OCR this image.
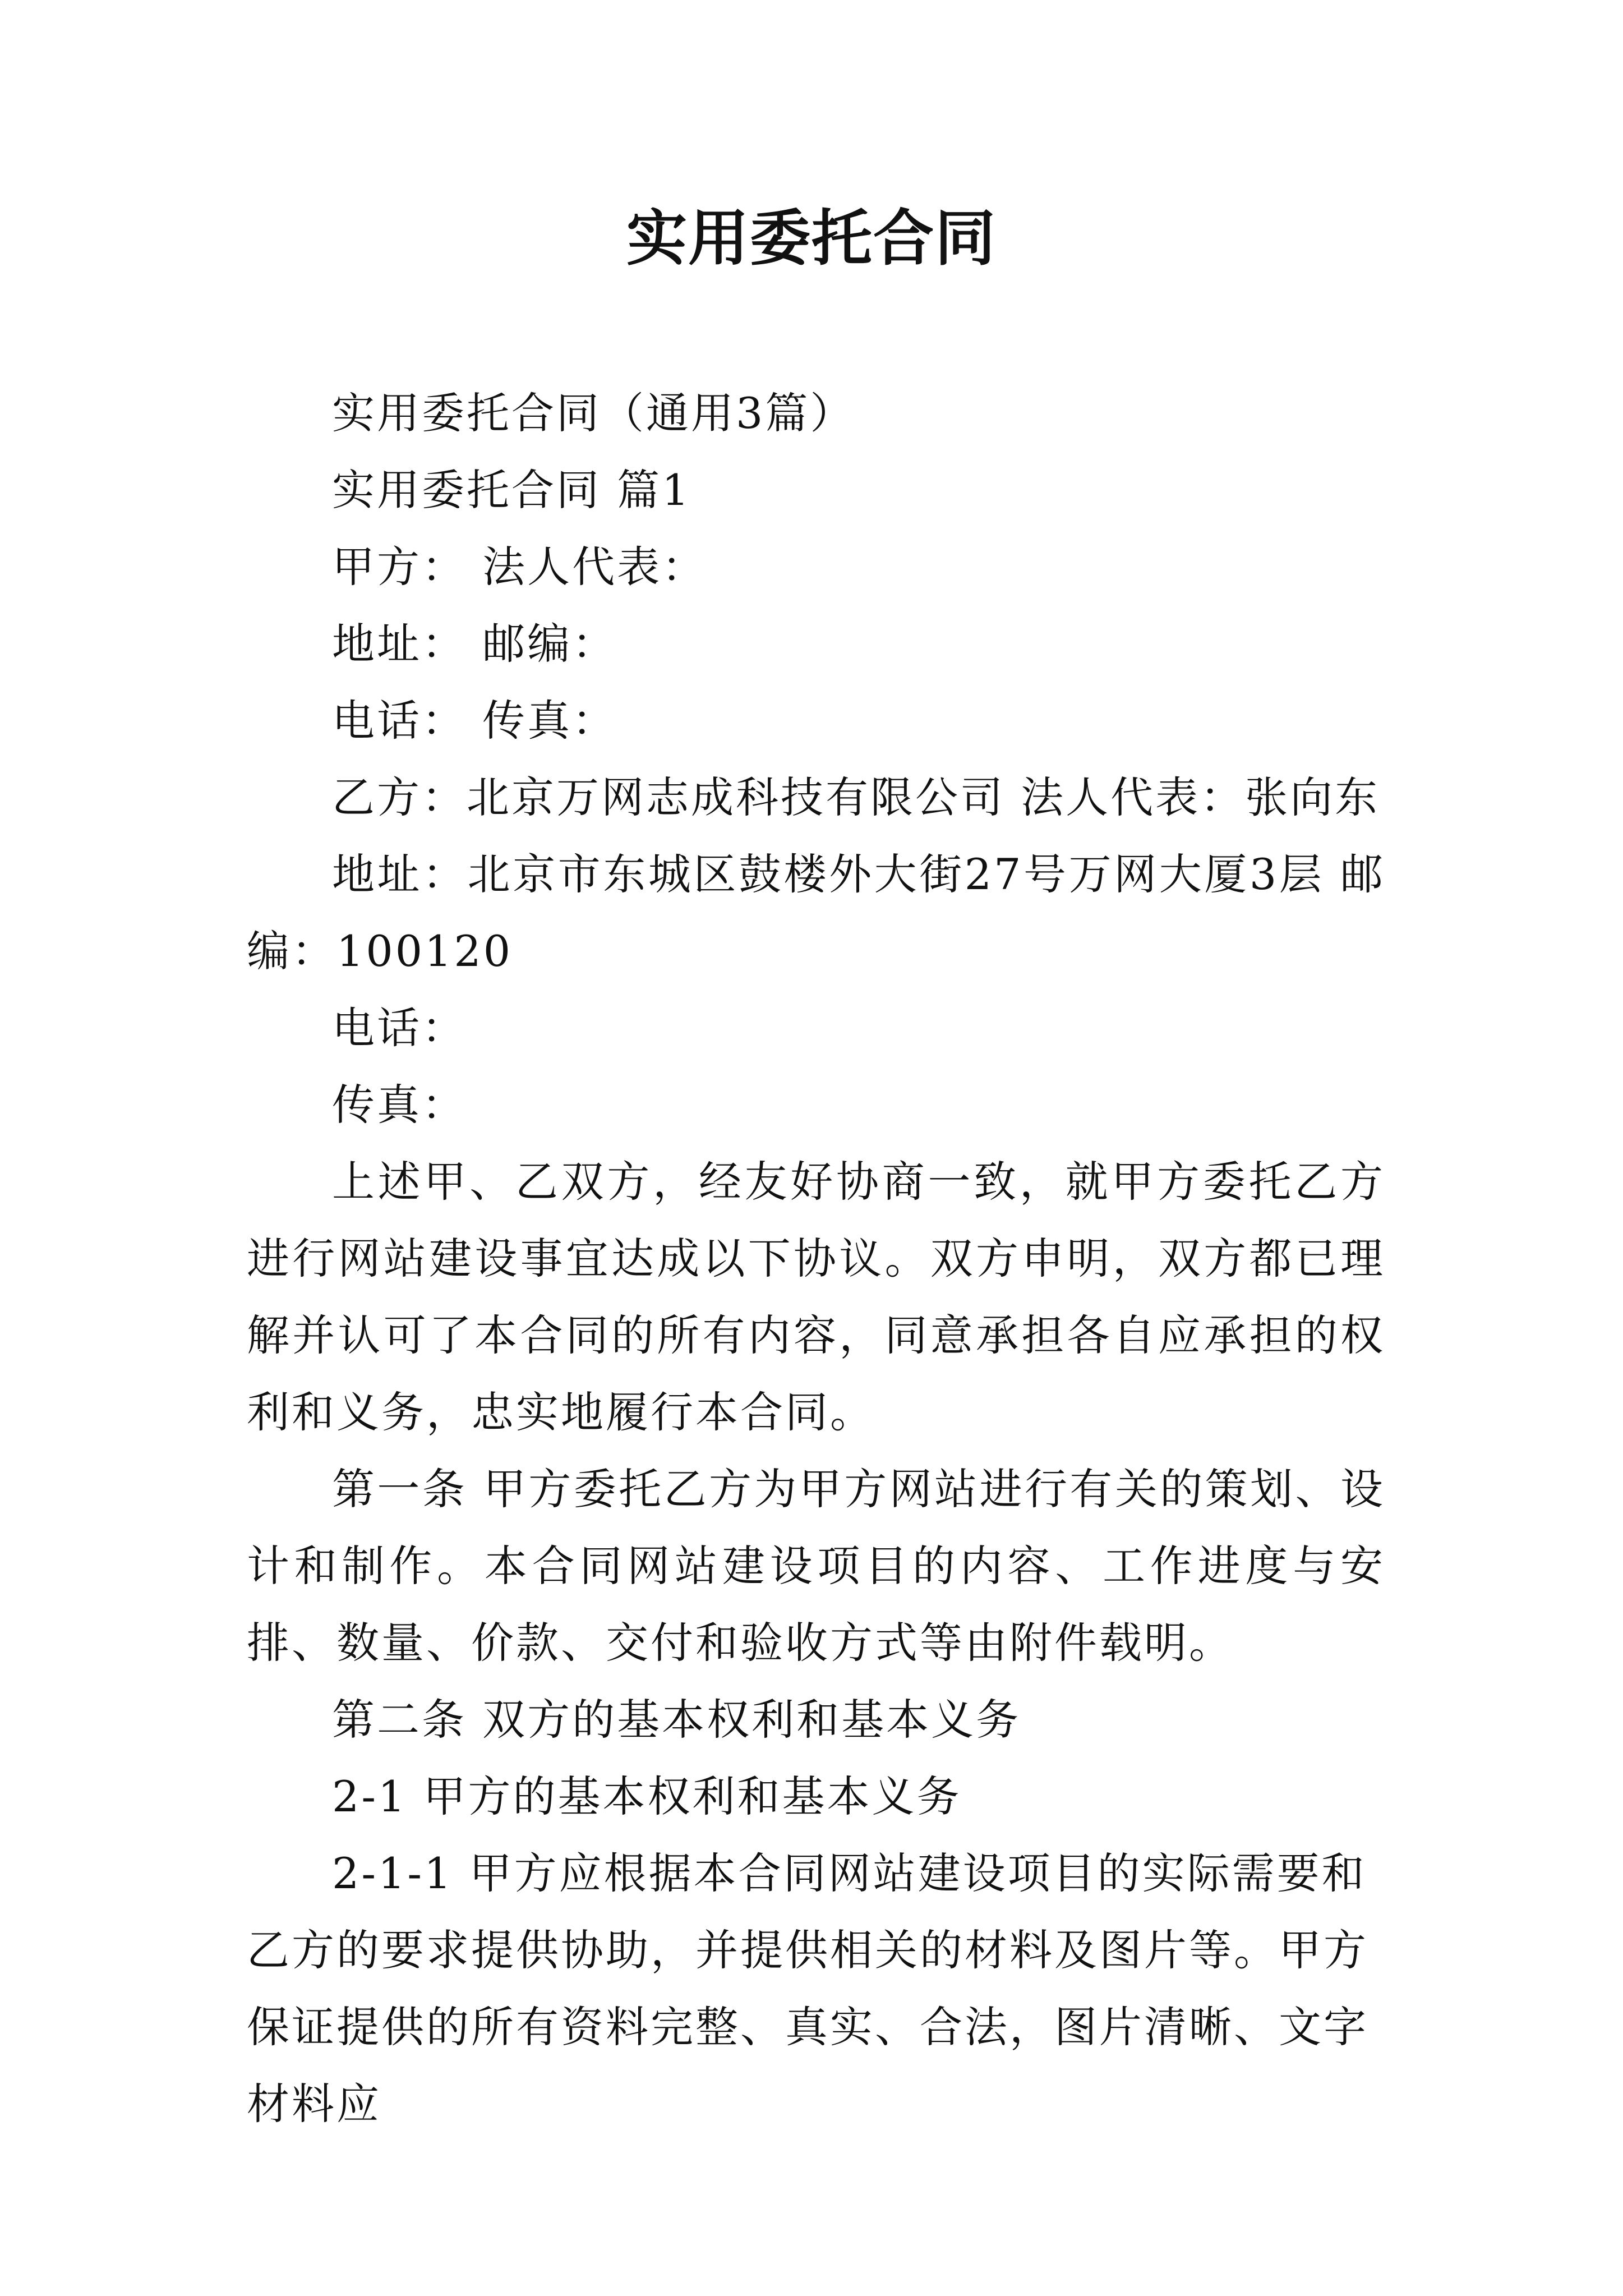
实用委托合同

实用委托合同（通用3篇）

实用委托合同 篇1

甲方： 法人代表：

地址： 邮编：

电话： 传真：

乙方：北京万网志成科技有限公司 法人代表：张向东

地址：北京市东城区鼓楼外大街27号万网大厦3层 邮编：100120

电话：

传真：

上述甲、乙双方，经友好协商一致，就甲方委托乙方进行网站建设事宜达成以下协议。双方申明，双方都已理解并认可了本合同的所有内容，同意承担各自应承担的权利和义务，忠实地履行本合同。

第一条 甲方委托乙方为甲方网站进行有关的策划、设计和制作。本合同网站建设项目的内容、工作进度与安排、数量、价款、交付和验收方式等由附件载明。

第二条 双方的基本权利和基本义务

2-1 甲方的基本权利和基本义务

2-1-1 甲方应根据本合同网站建设项目的实际需要和乙方的要求提供协助，并提供相关的材料及图片等。甲方保证提供的所有资料完整、真实、合法，图片清晰、文字材料应
